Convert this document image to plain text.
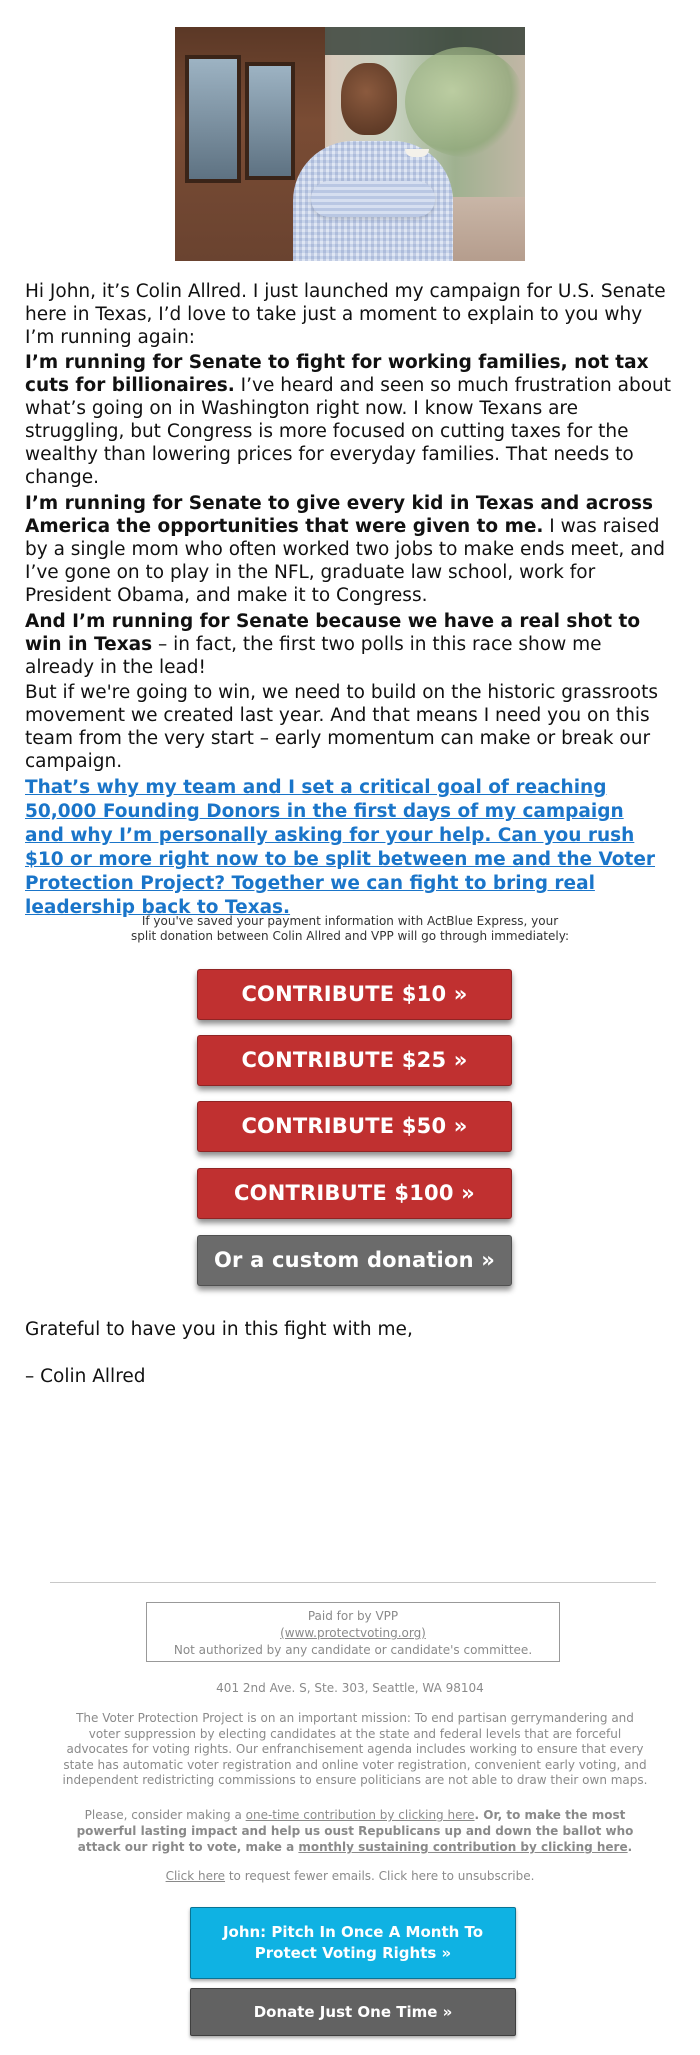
Hi John, it’s Colin Allred. I just launched my campaign for U.S. Senate here in Texas, I’d love to take just a moment to explain to you why I’m running again:

I’m running for Senate to fight for working families, not tax cuts for billionaires. I’ve heard and seen so much frustration about what’s going on in Washington right now. I know Texans are struggling, but Congress is more focused on cutting taxes for the wealthy than lowering prices for everyday families. That needs to change.

I’m running for Senate to give every kid in Texas and across America the opportunities that were given to me. I was raised by a single mom who often worked two jobs to make ends meet, and I’ve gone on to play in the NFL, graduate law school, work for President Obama, and make it to Congress.

And I’m running for Senate because we have a real shot to win in Texas – in fact, the first two polls in this race show me already in the lead!

But if we're going to win, we need to build on the historic grassroots movement we created last year. And that means I need you on this team from the very start – early momentum can make or break our campaign.

That’s why my team and I set a critical goal of reaching 50,000 Founding Donors in the first days of my campaign and why I’m personally asking for your help. Can you rush $10 or more right now to be split between me and the Voter Protection Project? Together we can fight to bring real leadership back to Texas.
If you've saved your payment information with ActBlue Express, your split donation between Colin Allred and VPP will go through immediately:
CONTRIBUTE $10 »
CONTRIBUTE $25 »
CONTRIBUTE $50 »
CONTRIBUTE $100 »
Or a custom donation »
Grateful to have you in this fight with me,
– Colin Allred
Paid for by VPP
(www.protectvoting.org)
Not authorized by any candidate or candidate's committee.
401 2nd Ave. S, Ste. 303, Seattle, WA 98104
The Voter Protection Project is on an important mission: To end partisan gerrymandering and voter suppression by electing candidates at the state and federal levels that are forceful advocates for voting rights. Our enfranchisement agenda includes working to ensure that every state has automatic voter registration and online voter registration, convenient early voting, and independent redistricting commissions to ensure politicians are not able to draw their own maps.
Please, consider making a one-time contribution by clicking here. Or, to make the most powerful lasting impact and help us oust Republicans up and down the ballot who attack our right to vote, make a monthly sustaining contribution by clicking here.
Click here to request fewer emails. Click here to unsubscribe.
John: Pitch In Once A Month To Protect Voting Rights »
Donate Just One Time »
